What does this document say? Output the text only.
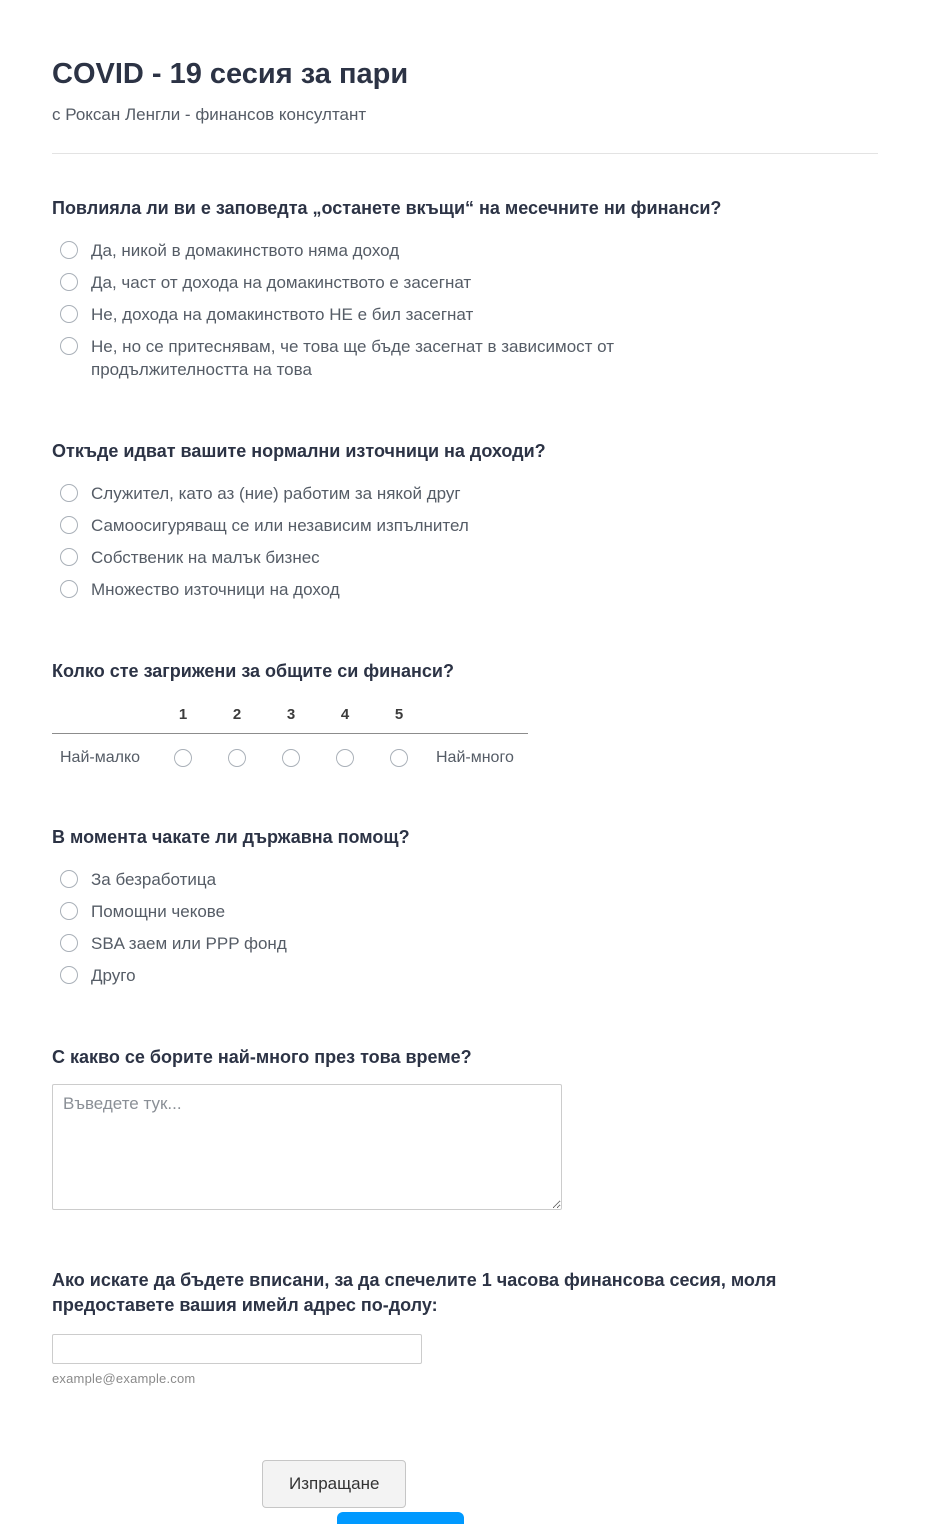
COVID - 19 сесия за пари
с Роксан Ленгли - финансов консултант
Повлияла ли ви е заповедта „останете вкъщи“ на месечните ни финанси?
Да, никой в домакинството няма доход
Да, част от дохода на домакинството е засегнат
Не, дохода на домакинството НЕ е бил засегнат
Не, но се притеснявам, че това ще бъде засегнат в зависимост от продължителността на това
Откъде идват вашите нормални източници на доходи?
Служител, като аз (ние) работим за някой друг
Самоосигуряващ се или независим изпълнител
Собственик на малък бизнес
Множество източници на доход
Колко сте загрижени за общите си финанси?
1	2	3	4	5
Най-малко	Най-много
В момента чакате ли държавна помощ?
За безработица
Помощни чекове
SBA заем или PPP фонд
Друго
С какво се борите най-много през това време?
Въведете тук...
Ако искате да бъдете вписани, за да спечелите 1 часова финансова сесия, моля предоставете вашия имейл адрес по-долу:
example@example.com
Изпращане
